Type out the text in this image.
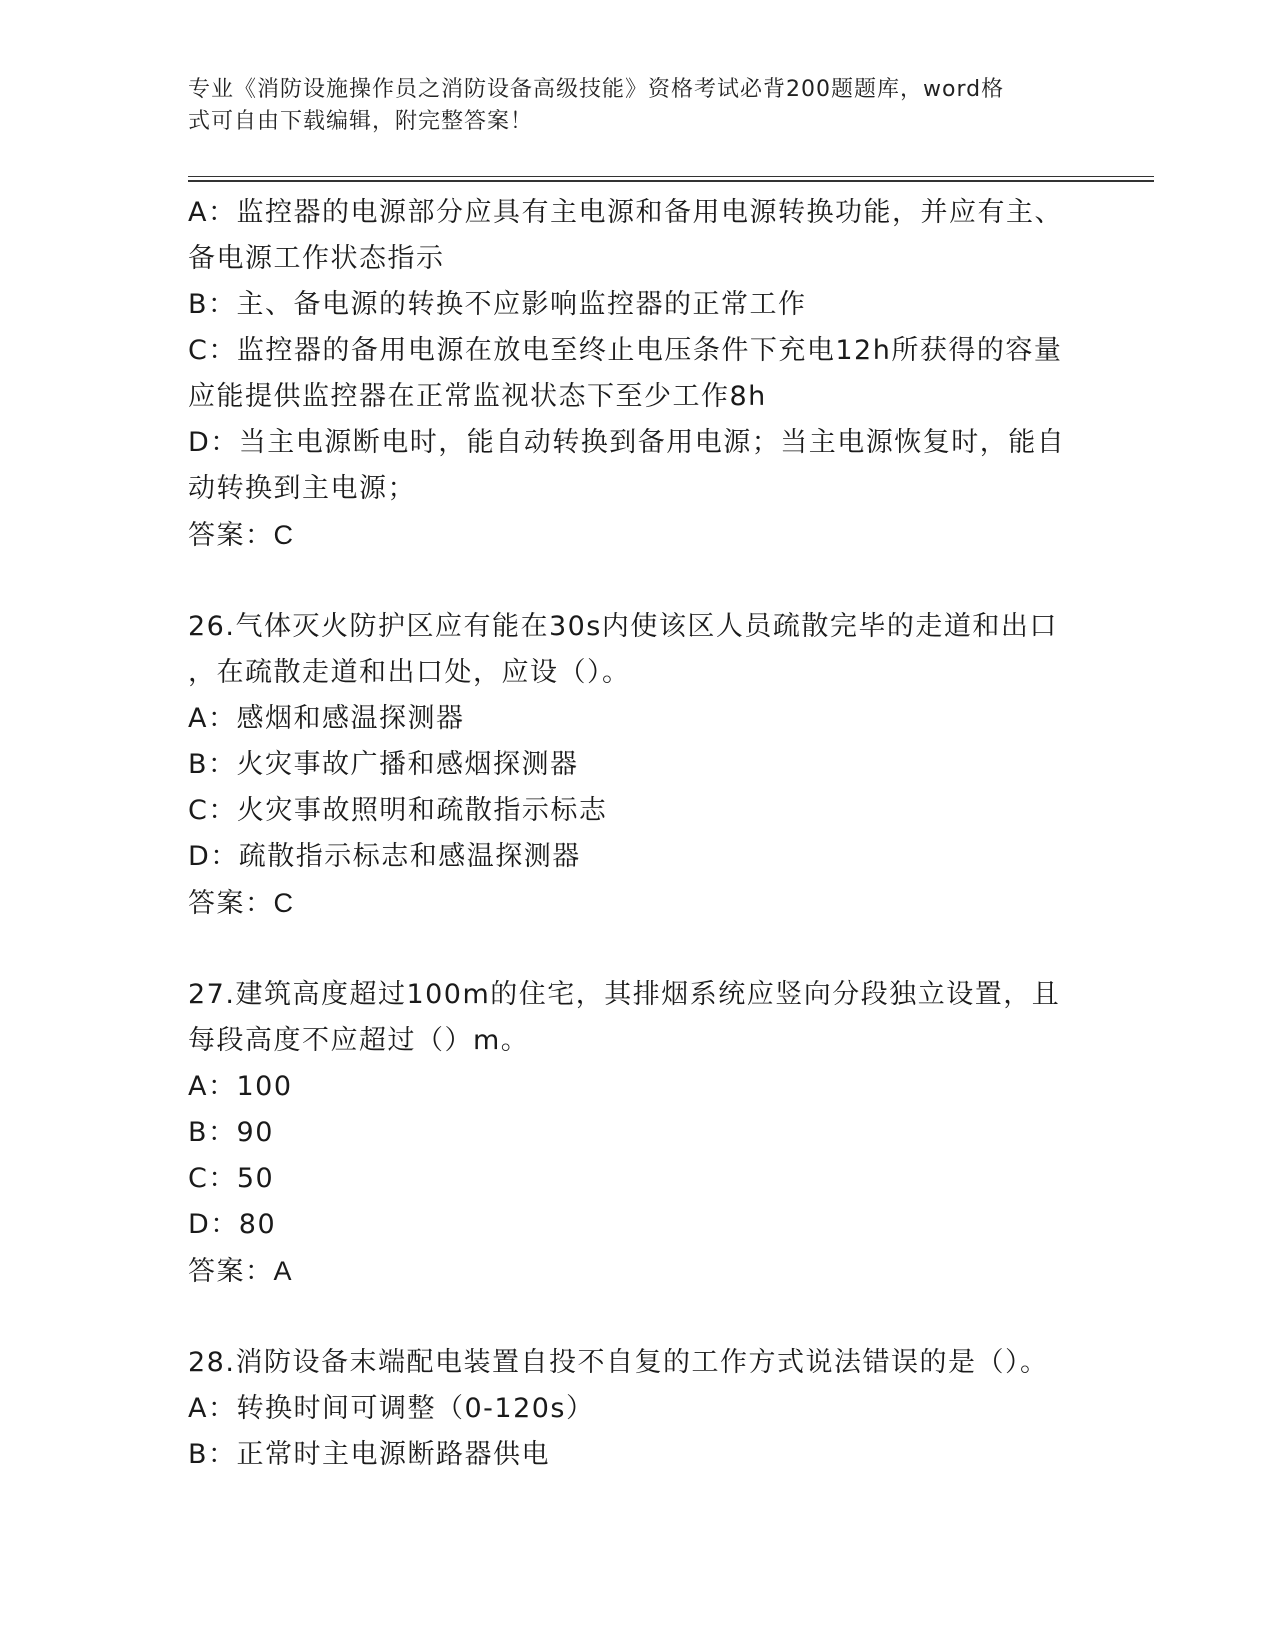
专业《消防设施操作员之消防设备高级技能》资格考试必背200题题库，word格
式可自由下载编辑，附完整答案！

A：监控器的电源部分应具有主电源和备用电源转换功能，并应有主、

备电源工作状态指示

B：主、备电源的转换不应影响监控器的正常工作

C：监控器的备用电源在放电至终止电压条件下充电12h所获得的容量

应能提供监控器在正常监视状态下至少工作8h

D：当主电源断电时，能自动转换到备用电源；当主电源恢复时，能自

动转换到主电源；

答案：C

26.气体灭火防护区应有能在30s内使该区人员疏散完毕的走道和出口

，在疏散走道和出口处，应设（）。

A：感烟和感温探测器

B：火灾事故广播和感烟探测器

C：火灾事故照明和疏散指示标志

D：疏散指示标志和感温探测器

答案：C

27.建筑高度超过100m的住宅，其排烟系统应竖向分段独立设置，且

每段高度不应超过（）m。

A：100

B：90

C：50

D：80

答案：A

28.消防设备末端配电装置自投不自复的工作方式说法错误的是（）。

A：转换时间可调整（0-120s）

B：正常时主电源断路器供电
